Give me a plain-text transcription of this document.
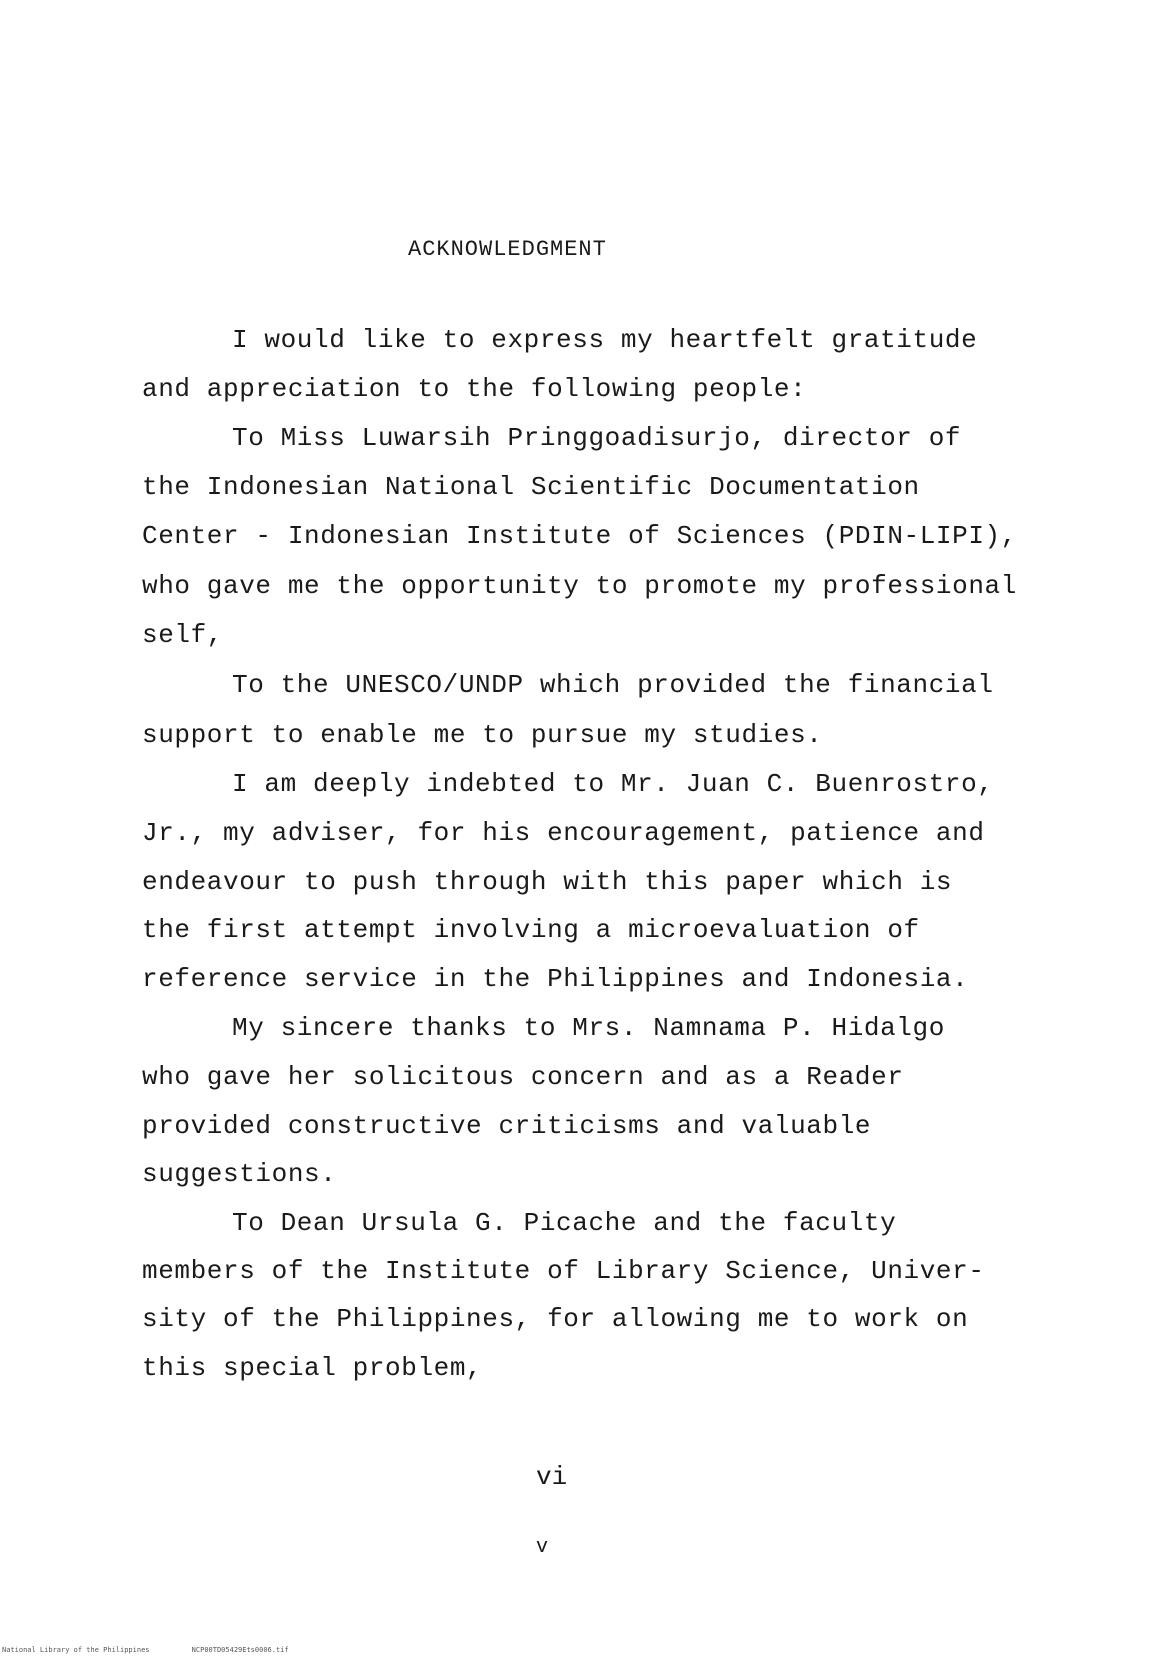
ACKNOWLEDGMENT
I would like to express my heartfelt gratitude
and appreciation to the following people:
To Miss Luwarsih Pringgoadisurjo, director of
the Indonesian National Scientific Documentation
Center - Indonesian Institute of Sciences (PDIN-LIPI),
who gave me the opportunity to promote my professional
self,
To the UNESCO/UNDP which provided the financial
support to enable me to pursue my studies.
I am deeply indebted to Mr. Juan C. Buenrostro,
Jr., my adviser, for his encouragement, patience and
endeavour to push through with this paper which is
the first attempt involving a microevaluation of
reference service in the Philippines and Indonesia.
My sincere thanks to Mrs. Namnama P. Hidalgo
who gave her solicitous concern and as a Reader
provided constructive criticisms and valuable
suggestions.
To Dean Ursula G. Picache and the faculty
members of the Institute of Library Science, Univer-
sity of the Philippines, for allowing me to work on
this special problem,
vi
v
National Library of the Philippines	NCP00TD05429Ets0006.tif
